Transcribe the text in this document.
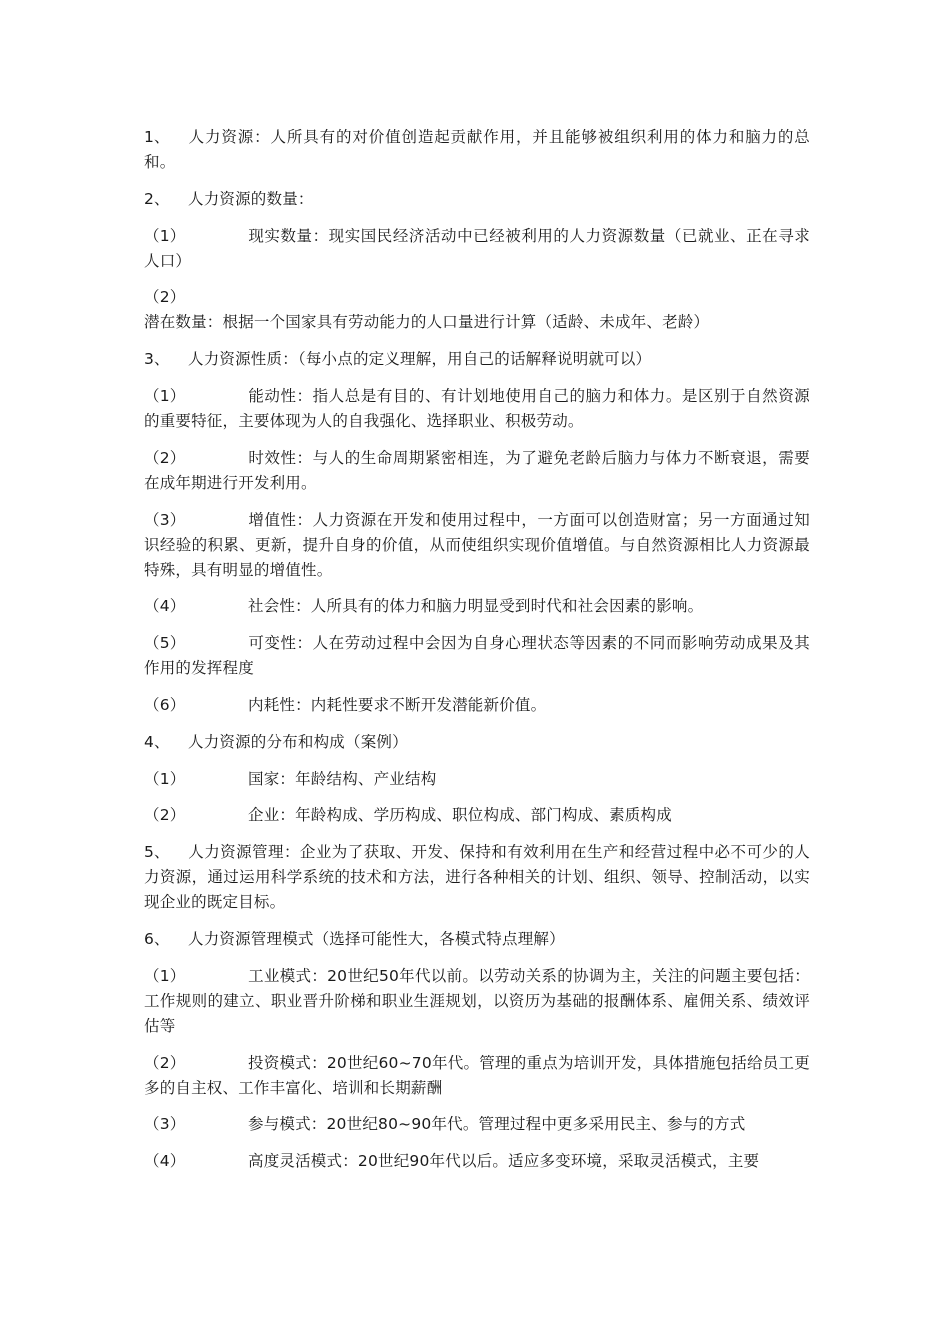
1、 人力资源：人所具有的对价值创造起贡献作用，并且能够被组织利用的体力和脑力的总和。

2、 人力资源的数量：

（1）	现实数量：现实国民经济活动中已经被利用的人力资源数量（已就业、正在寻求人口）

（2）潜在数量：根据一个国家具有劳动能力的人口量进行计算（适龄、未成年、老龄）

3、 人力资源性质：（每小点的定义理解，用自己的话解释说明就可以）

（1）	能动性：指人总是有目的、有计划地使用自己的脑力和体力。是区别于自然资源的重要特征，主要体现为人的自我强化、选择职业、积极劳动。

（2）	时效性：与人的生命周期紧密相连，为了避免老龄后脑力与体力不断衰退，需要在成年期进行开发利用。

（3）	增值性：人力资源在开发和使用过程中，一方面可以创造财富；另一方面通过知识经验的积累、更新，提升自身的价值，从而使组织实现价值增值。与自然资源相比人力资源最特殊，具有明显的增值性。

（4）	社会性：人所具有的体力和脑力明显受到时代和社会因素的影响。

（5）	可变性：人在劳动过程中会因为自身心理状态等因素的不同而影响劳动成果及其作用的发挥程度

（6）	内耗性：内耗性要求不断开发潜能新价值。

4、 人力资源的分布和构成（案例）

（1）	国家：年龄结构、产业结构

（2）	企业：年龄构成、学历构成、职位构成、部门构成、素质构成

5、 人力资源管理：企业为了获取、开发、保持和有效利用在生产和经营过程中必不可少的人力资源，通过运用科学系统的技术和方法，进行各种相关的计划、组织、领导、控制活动，以实现企业的既定目标。

6、 人力资源管理模式（选择可能性大，各模式特点理解）

（1）	工业模式：20世纪50年代以前。以劳动关系的协调为主，关注的问题主要包括：工作规则的建立、职业晋升阶梯和职业生涯规划，以资历为基础的报酬体系、雇佣关系、绩效评估等

（2）	投资模式：20世纪60~70年代。管理的重点为培训开发，具体措施包括给员工更多的自主权、工作丰富化、培训和长期薪酬

（3）	参与模式：20世纪80~90年代。管理过程中更多采用民主、参与的方式

（4）	高度灵活模式：20世纪90年代以后。适应多变环境，采取灵活模式，主要
